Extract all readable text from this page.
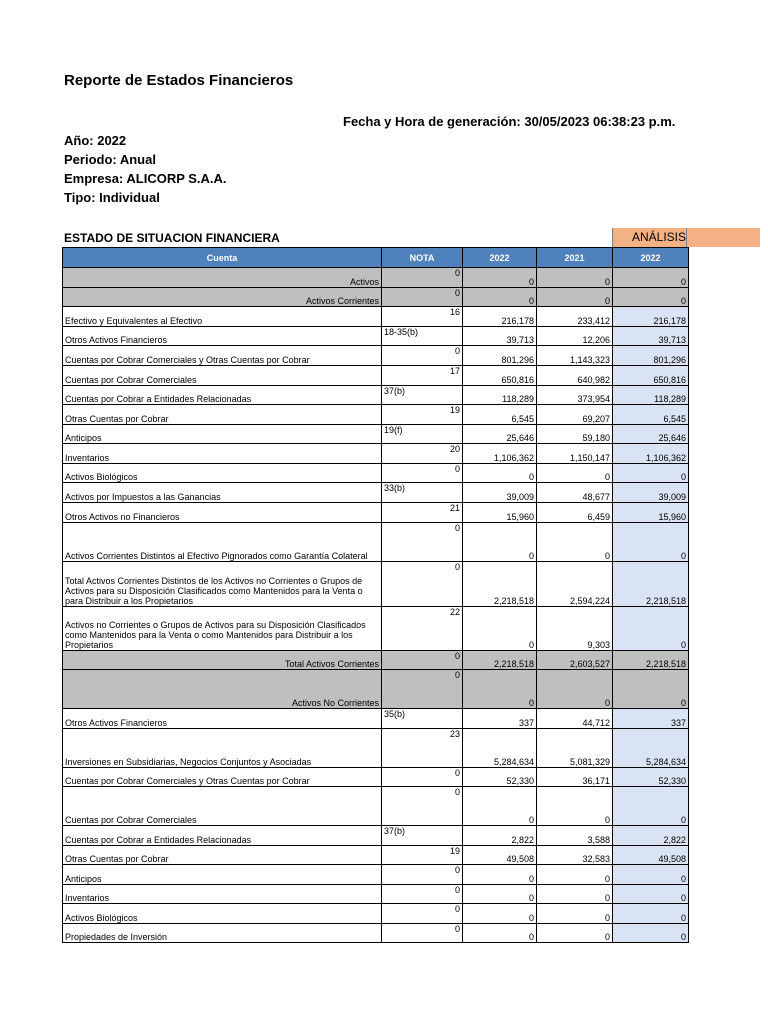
Reporte de Estados Financieros
Fecha y Hora de generación: 30/05/2023 06:38:23 p.m.
Año: 2022
Periodo: Anual
Empresa: ALICORP S.A.A.
Tipo: Individual
ESTADO DE SITUACION FINANCIERA	ANÁLISIS
Cuenta	NOTA	2022	2021	2022
Activos	0	0	0	0
Activos Corrientes	0	0	0	0
Efectivo y Equivalentes al Efectivo	16	216,178	233,412	216,178
Otros Activos Financieros	18-35(b)	39,713	12,206	39,713
Cuentas por Cobrar Comerciales y Otras Cuentas por Cobrar	0	801,296	1,143,323	801,296
Cuentas por Cobrar Comerciales	17	650,816	640,982	650,816
Cuentas por Cobrar a Entidades Relacionadas	37(b)	118,289	373,954	118,289
Otras Cuentas por Cobrar	19	6,545	69,207	6,545
Anticipos	19(f)	25,646	59,180	25,646
Inventarios	20	1,106,362	1,150,147	1,106,362
Activos Biológicos	0	0	0	0
Activos por Impuestos a las Ganancias	33(b)	39,009	48,677	39,009
Otros Activos no Financieros	21	15,960	6,459	15,960
Activos Corrientes Distintos al Efectivo Pignorados como Garantía Colateral	0	0	0	0
Total Activos Corrientes Distintos de los Activos no Corrientes o Grupos de Activos para su Disposición Clasificados como Mantenidos para la Venta o para Distribuir a los Propietarios	0	2,218,518	2,594,224	2,218,518
Activos no Corrientes o Grupos de Activos para su Disposición Clasificados como Mantenidos para la Venta o como Mantenidos para Distribuir a los Propietarios	22	0	9,303	0
Total Activos Corrientes	0	2,218,518	2,603,527	2,218,518
Activos No Corrientes	0	0	0	0
Otros Activos Financieros	35(b)	337	44,712	337
Inversiones en Subsidiarias, Negocios Conjuntos y Asociadas	23	5,284,634	5,081,329	5,284,634
Cuentas por Cobrar Comerciales y Otras Cuentas por Cobrar	0	52,330	36,171	52,330
Cuentas por Cobrar Comerciales	0	0	0	0
Cuentas por Cobrar a Entidades Relacionadas	37(b)	2,822	3,588	2,822
Otras Cuentas por Cobrar	19	49,508	32,583	49,508
Anticipos	0	0	0	0
Inventarios	0	0	0	0
Activos Biológicos	0	0	0	0
Propiedades de Inversión	0	0	0	0
